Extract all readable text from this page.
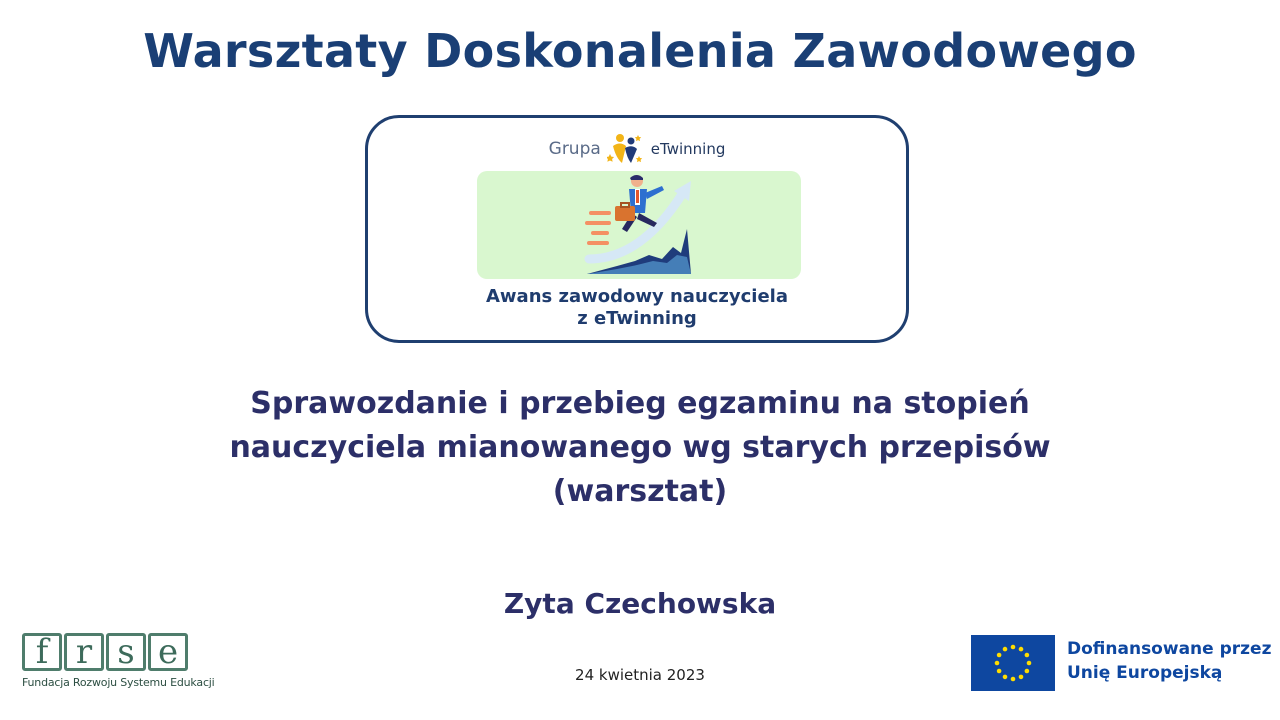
Warsztaty Doskonalenia Zawodowego
Grupa	eTwinning
Awans zawodowy nauczyciela
z eTwinning
Sprawozdanie i przebieg egzaminu na stopień
nauczyciela mianowanego wg starych przepisów
(warsztat)
Zyta Czechowska
24 kwietnia 2023
f r s e
Fundacja Rozwoju Systemu Edukacji
Dofinansowane przez
Unię Europejską
